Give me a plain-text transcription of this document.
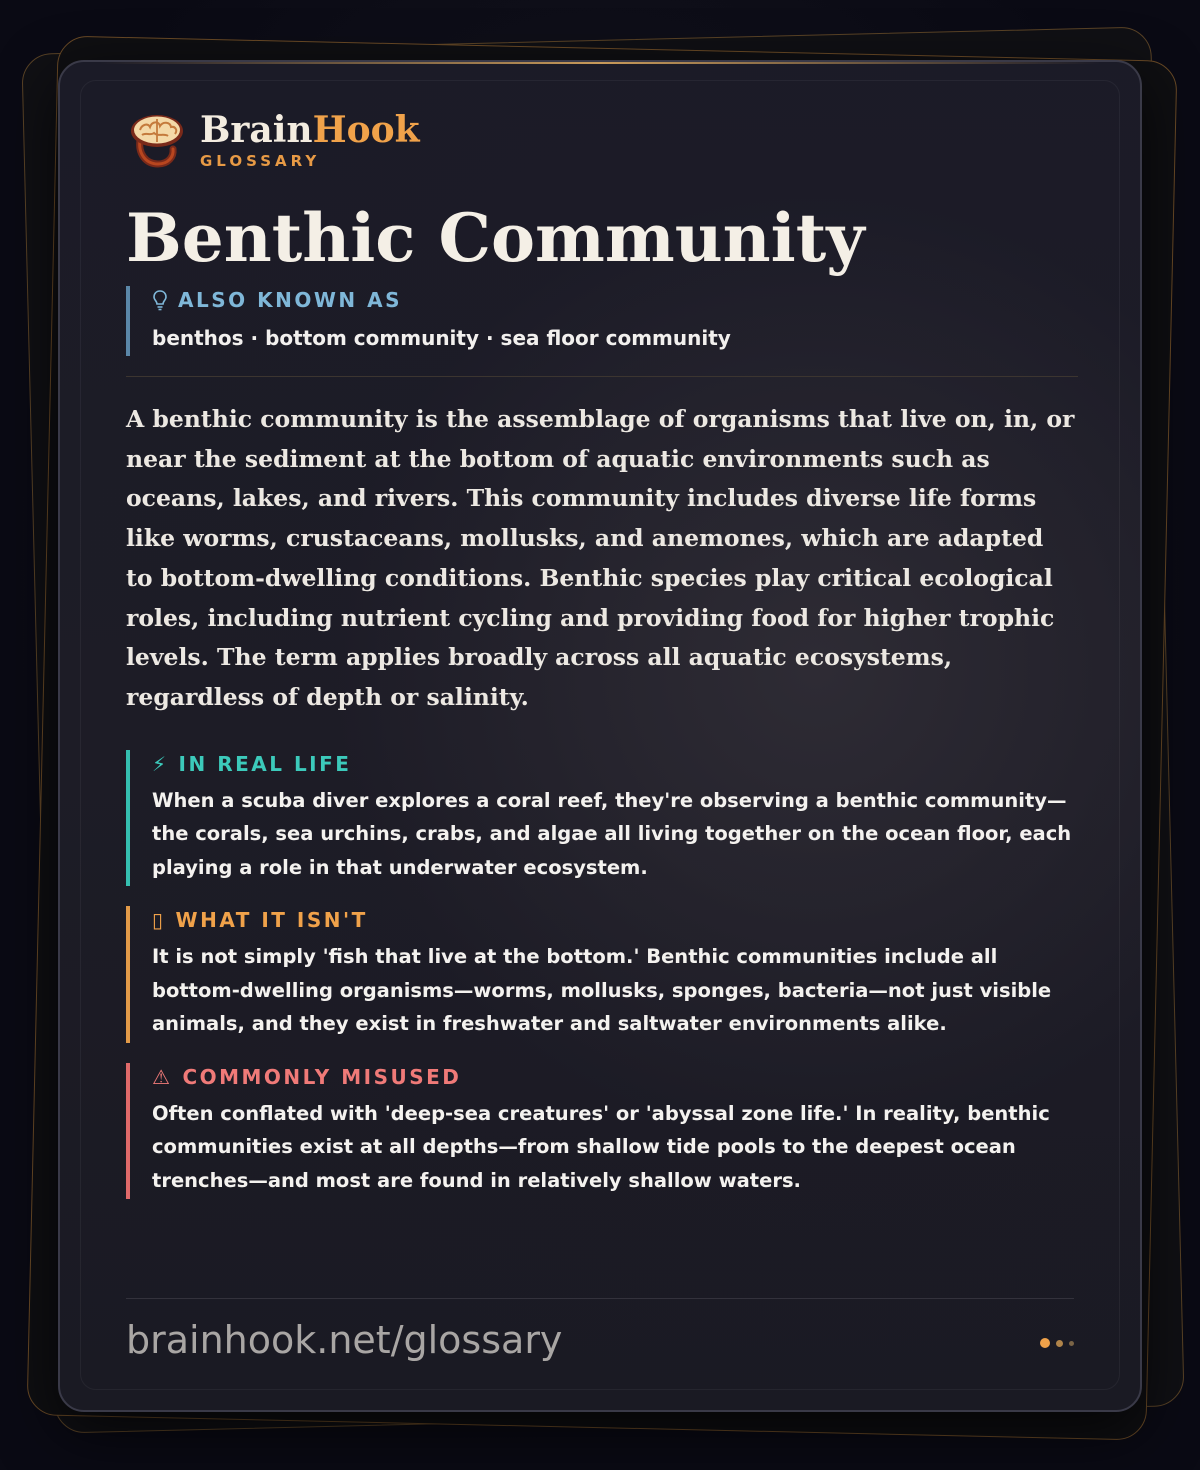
BrainHook
GLOSSARY
Benthic Community
ALSO KNOWN AS
benthos · bottom community · sea floor community

A benthic community is the assemblage of organisms that live on, in, or near the sediment at the bottom of aquatic environments such as oceans, lakes, and rivers. This community includes diverse life forms like worms, crustaceans, mollusks, and anemones, which are adapted to bottom-dwelling conditions. Benthic species play critical ecological roles, including nutrient cycling and providing food for higher trophic levels. The term applies broadly across all aquatic ecosystems, regardless of depth or salinity.

⚡ IN REAL LIFE

When a scuba diver explores a coral reef, they're observing a benthic community—the corals, sea urchins, crabs, and algae all living together on the ocean floor, each playing a role in that underwater ecosystem.

▯ WHAT IT ISN'T

It is not simply 'fish that live at the bottom.' Benthic communities include all bottom-dwelling organisms—worms, mollusks, sponges, bacteria—not just visible animals, and they exist in freshwater and saltwater environments alike.

⚠ COMMONLY MISUSED

Often conflated with 'deep-sea creatures' or 'abyssal zone life.' In reality, benthic communities exist at all depths—from shallow tide pools to the deepest ocean trenches—and most are found in relatively shallow waters.

brainhook.net/glossary
